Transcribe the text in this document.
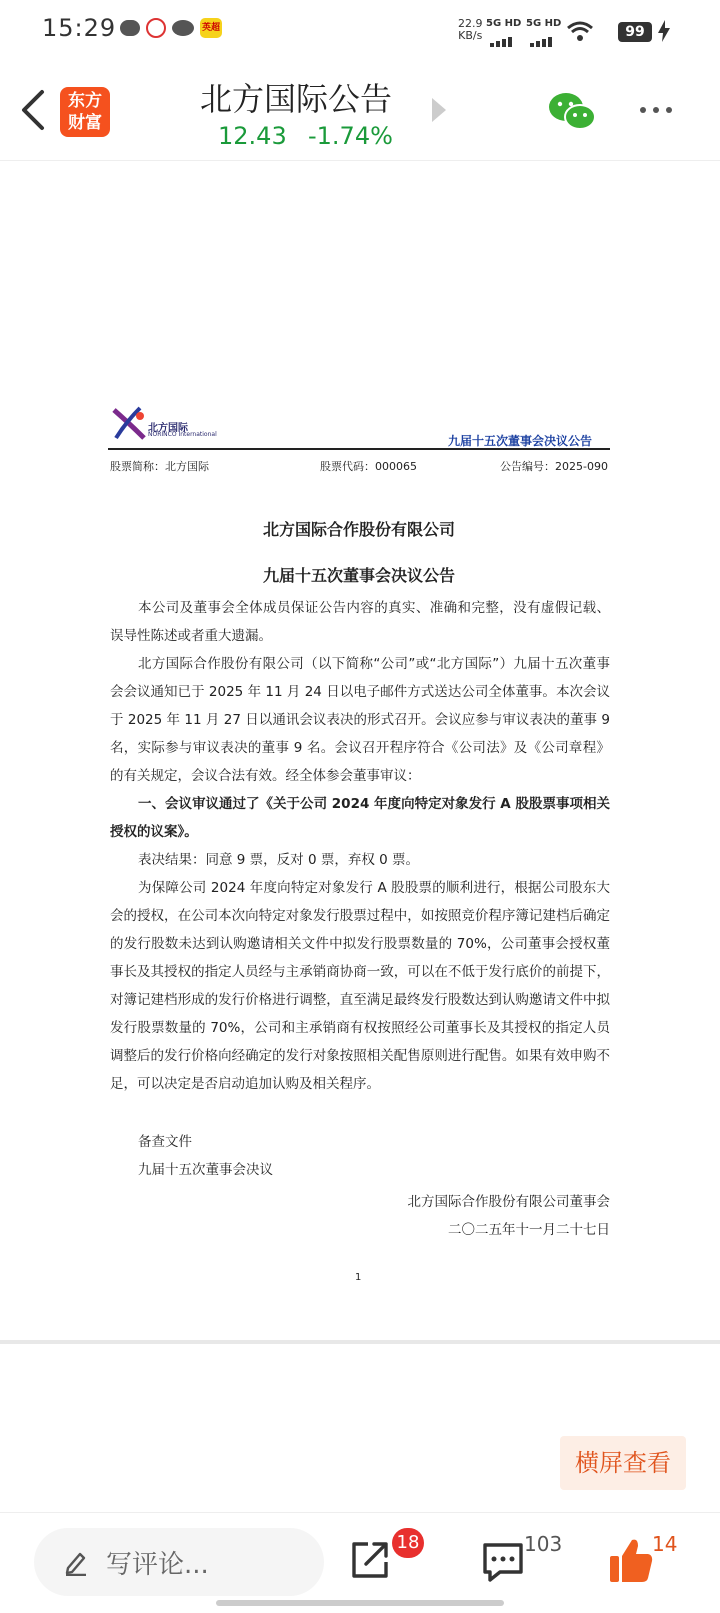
15:29	英超	22.9
KB/s
5G HD 5G HD
99
东方
财富
北方国际公告
12.43 -1.74%
北方国际
NORINCO International	九届十五次董事会决议公告
股票简称：北方国际	股票代码：000065	公告编号：2025-090
北方国际合作股份有限公司
九届十五次董事会决议公告
本公司及董事会全体成员保证公告内容的真实、准确和完整，没有虚假记载、误导性陈述或者重大遗漏。
北方国际合作股份有限公司（以下简称“公司”或“北方国际”）九届十五次董事会会议通知已于 2025 年 11 月 24 日以电子邮件方式送达公司全体董事。本次会议于 2025 年 11 月 27 日以通讯会议表决的形式召开。会议应参与审议表决的董事 9 名，实际参与审议表决的董事 9 名。会议召开程序符合《公司法》及《公司章程》的有关规定，会议合法有效。经全体参会董事审议：
一、会议审议通过了《关于公司 2024 年度向特定对象发行 A 股股票事项相关授权的议案》。
表决结果：同意 9 票，反对 0 票，弃权 0 票。
为保障公司 2024 年度向特定对象发行 A 股股票的顺利进行，根据公司股东大会的授权，在公司本次向特定对象发行股票过程中，如按照竞价程序簿记建档后确定的发行股数未达到认购邀请相关文件中拟发行股票数量的 70%，公司董事会授权董事长及其授权的指定人员经与主承销商协商一致，可以在不低于发行底价的前提下，对簿记建档形成的发行价格进行调整，直至满足最终发行股数达到认购邀请文件中拟发行股票数量的 70%，公司和主承销商有权按照经公司董事长及其授权的指定人员调整后的发行价格向经确定的发行对象按照相关配售原则进行配售。如果有效申购不足，可以决定是否启动追加认购及相关程序。
备查文件
九届十五次董事会决议
北方国际合作股份有限公司董事会
二〇二五年十一月二十七日
1
横屏查看
写评论...
18	103	14
